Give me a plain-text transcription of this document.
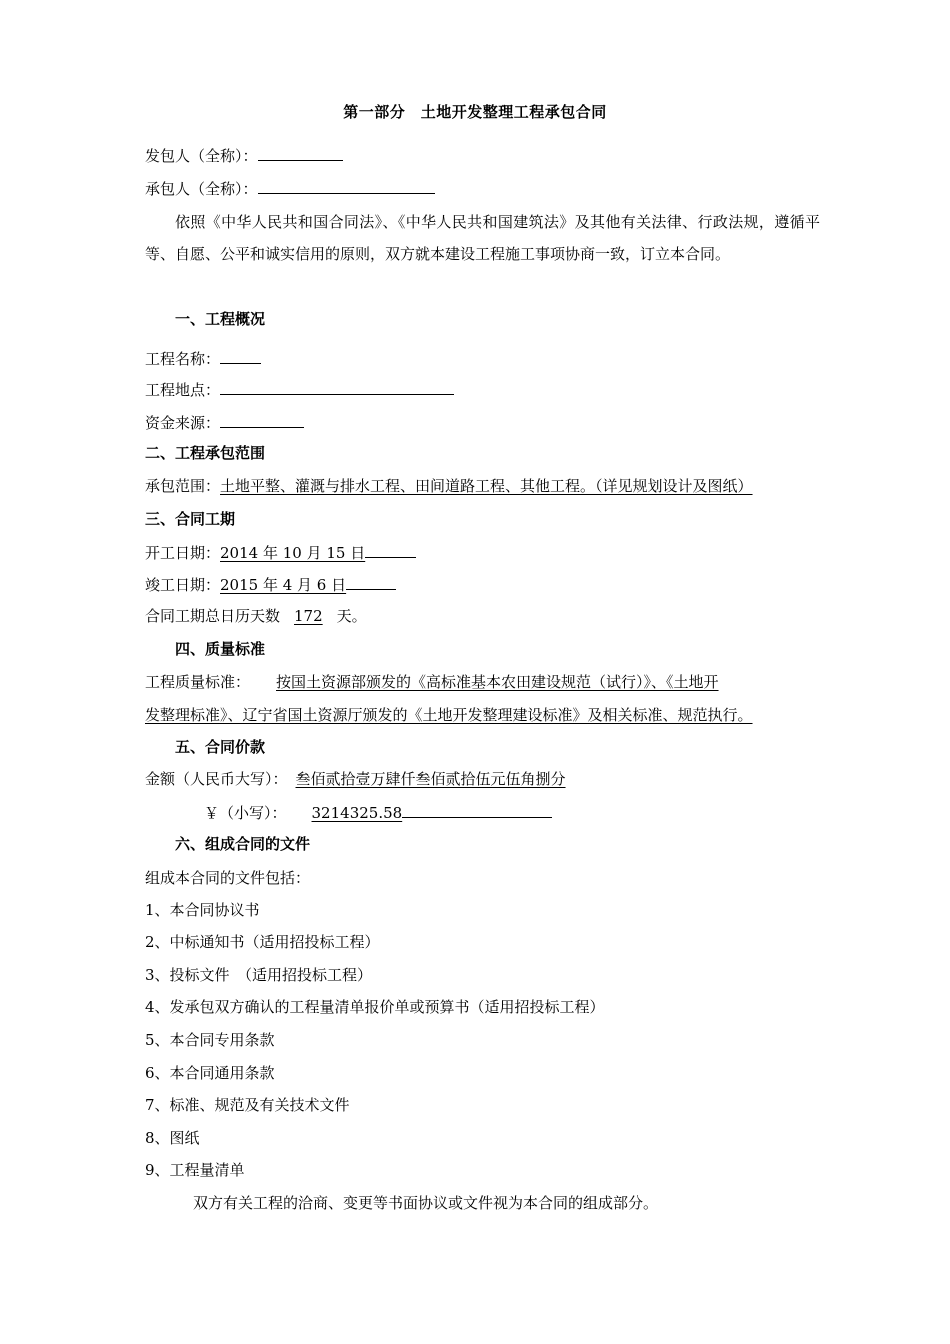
第一部分　土地开发整理工程承包合同
发包人（全称）：
承包人（全称）：
依照《中华人民共和国合同法》、《中华人民共和国建筑法》及其他有关法律、行政法规，遵循平等、自愿、公平和诚实信用的原则，双方就本建设工程施工事项协商一致，订立本合同。
一、工程概况
工程名称：
工程地点：
资金来源：
二、工程承包范围
承包范围：土地平整、灌溉与排水工程、田间道路工程、其他工程。（详见规划设计及图纸）
三、合同工期
开工日期：2014 年 10 月 15 日
竣工日期：2015 年 4 月 6 日
合同工期总日历天数 172 天。
四、质量标准
工程质量标准： 按国土资源部颁发的《高标准基本农田建设规范（试行）》、《土地开
发整理标准》、辽宁省国土资源厅颁发的《土地开发整理建设标准》及相关标准、规范执行。
五、合同价款
金额（人民币大写）： 叁佰贰拾壹万肆仟叁佰贰拾伍元伍角捌分
￥（小写）： 3214325.58
六、组成合同的文件
组成本合同的文件包括：
1、本合同协议书
2、中标通知书（适用招投标工程）
3、投标文件　（适用招投标工程）
4、发承包双方确认的工程量清单报价单或预算书（适用招投标工程）
5、本合同专用条款
6、本合同通用条款
7、标准、规范及有关技术文件
8、图纸
9、工程量清单
双方有关工程的洽商、变更等书面协议或文件视为本合同的组成部分。
